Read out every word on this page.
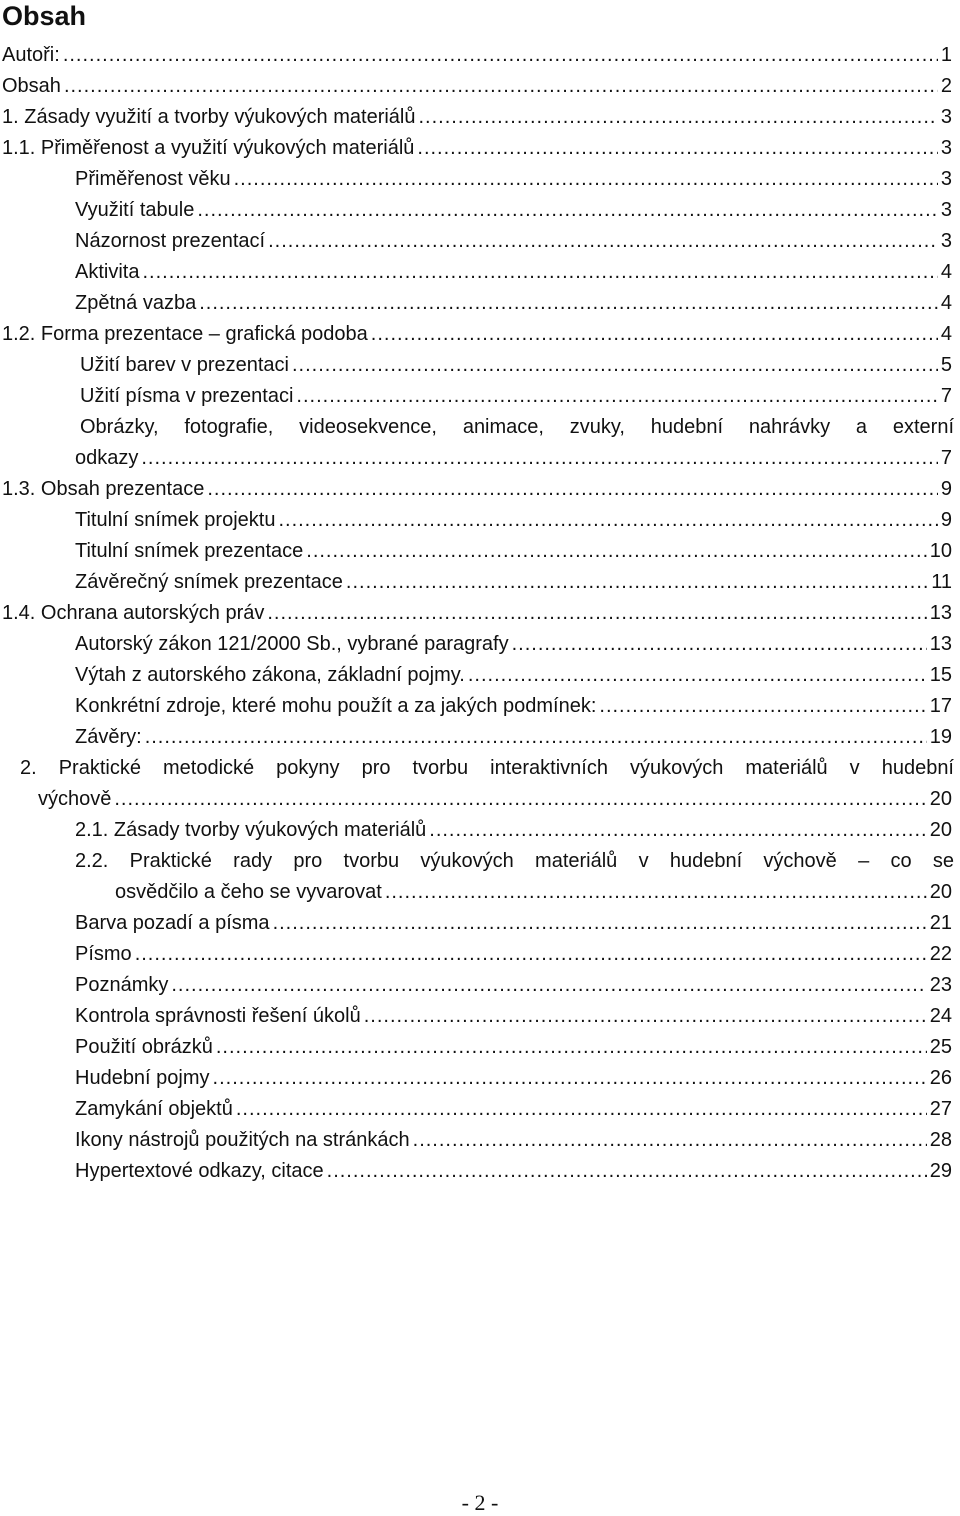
Obsah
Autoři: .....	1
Obsah .....	2
1. Zásady využití a tvorby výukových materiálů .....	3
1.1. Přiměřenost a využití výukových materiálů .....	3
Přiměřenost věku .....	3
Využití tabule .....	3
Názornost prezentací .....	3
Aktivita .....	4
Zpětná vazba .....	4
1.2. Forma prezentace – grafická podoba .....	4
Užití barev v prezentaci .....	5
Užití písma v prezentaci .....	7
Obrázky, fotografie, videosekvence, animace, zvuky, hudební nahrávky a externí
odkazy .....	7
1.3. Obsah prezentace .....	9
Titulní snímek projektu .....	9
Titulní snímek prezentace .....	10
Závěrečný snímek prezentace .....	11
1.4. Ochrana autorských práv .....	13
Autorský zákon 121/2000 Sb., vybrané paragrafy .....	13
Výtah z autorského zákona, základní pojmy. .....	15
Konkrétní zdroje, které mohu použít a za jakých podmínek: .....	17
Závěry: .....	19
2. Praktické metodické pokyny pro tvorbu interaktivních výukových materiálů v hudební
výchově .....	20
2.1. Zásady tvorby výukových materiálů .....	20
2.2. Praktické rady pro tvorbu výukových materiálů v hudební výchově – co se
osvědčilo a čeho se vyvarovat .....	20
Barva pozadí a písma .....	21
Písmo .....	22
Poznámky .....	23
Kontrola správnosti řešení úkolů .....	24
Použití obrázků .....	25
Hudební pojmy .....	26
Zamykání objektů .....	27
Ikony nástrojů použitých na stránkách .....	28
Hypertextové odkazy, citace .....	29
- 2 -
